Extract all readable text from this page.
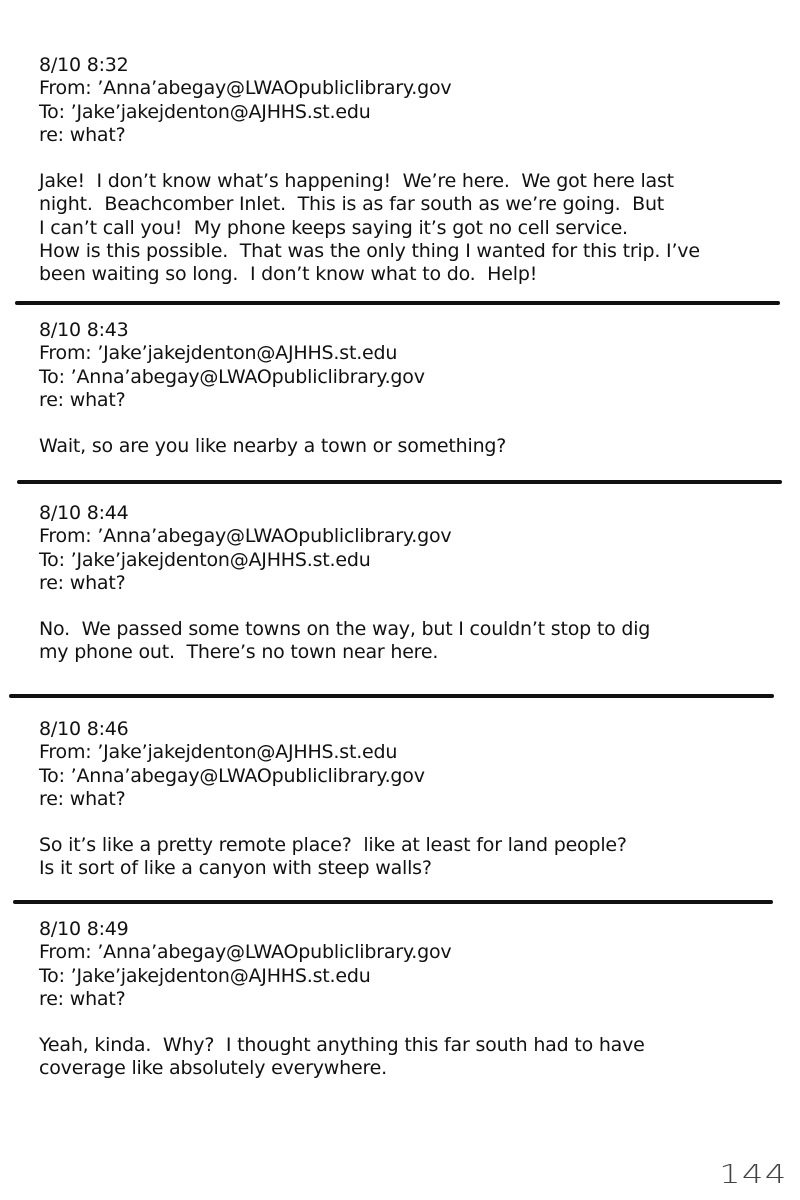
8/10 8:32
From: ’Anna’abegay@LWAOpubliclibrary.gov
To: ’Jake’jakejdenton@AJHHS.st.edu
re: what?
Jake!  I don’t know what’s happening!  We’re here.  We got here last
night.  Beachcomber Inlet.  This is as far south as we’re going.  But
I can’t call you!  My phone keeps saying it’s got no cell service.
How is this possible.  That was the only thing I wanted for this trip. I’ve
been waiting so long.  I don’t know what to do.  Help!
8/10 8:43
From: ’Jake’jakejdenton@AJHHS.st.edu
To: ’Anna’abegay@LWAOpubliclibrary.gov
re: what?
Wait, so are you like nearby a town or something?
8/10 8:44
From: ’Anna’abegay@LWAOpubliclibrary.gov
To: ’Jake’jakejdenton@AJHHS.st.edu
re: what?
No.  We passed some towns on the way, but I couldn’t stop to dig
my phone out.  There’s no town near here.
8/10 8:46
From: ’Jake’jakejdenton@AJHHS.st.edu
To: ’Anna’abegay@LWAOpubliclibrary.gov
re: what?
So it’s like a pretty remote place?  like at least for land people?
Is it sort of like a canyon with steep walls?
8/10 8:49
From: ’Anna’abegay@LWAOpubliclibrary.gov
To: ’Jake’jakejdenton@AJHHS.st.edu
re: what?
Yeah, kinda.  Why?  I thought anything this far south had to have
coverage like absolutely everywhere.
144
